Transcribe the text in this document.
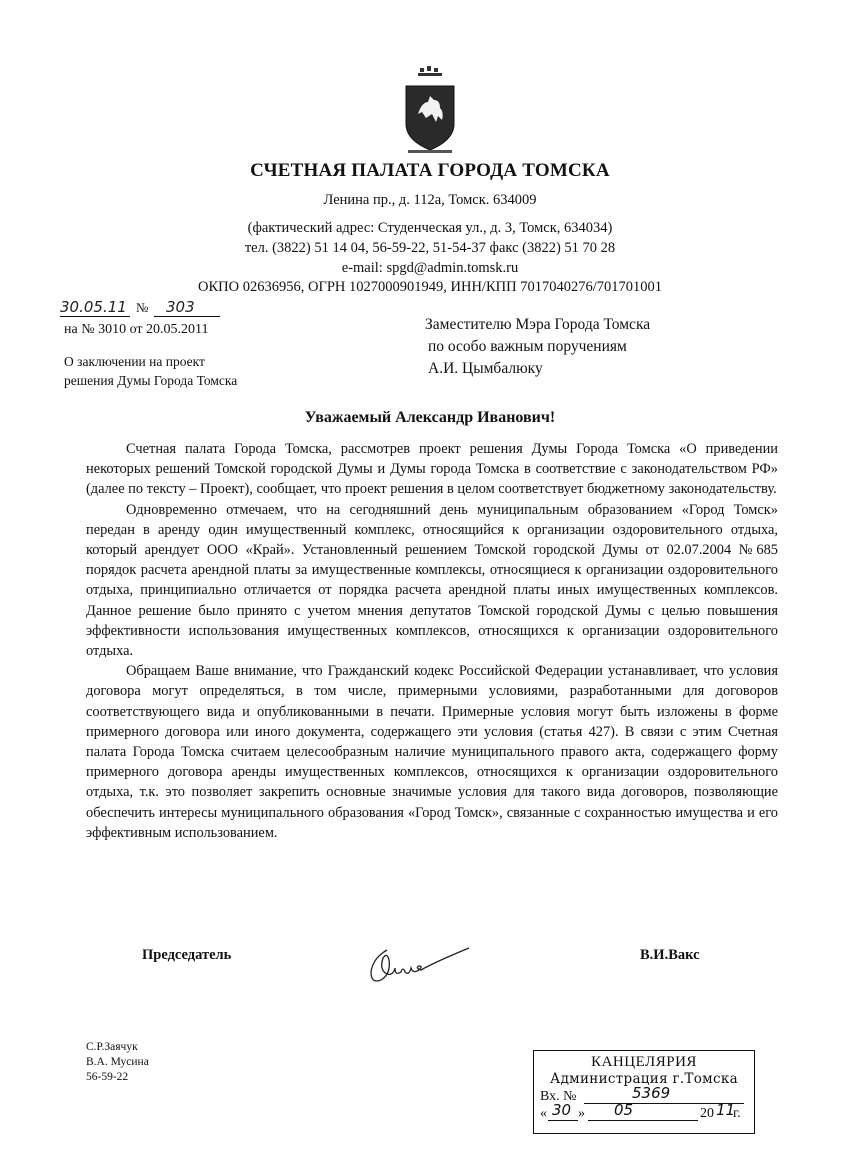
СЧЕТНАЯ ПАЛАТА ГОРОДА ТОМСКА
Ленина пр., д. 112а, Томск. 634009
(фактический адрес: Студенческая ул., д. 3, Томск, 634034)
тел. (3822) 51 14 04, 56-59-22, 51-54-37 факс (3822) 51 70 28
e-mail: spgd@admin.tomsk.ru
ОКПО 02636956, ОГРН 1027000901949, ИНН/КПП 7017040276/701701001
30.05.11 №	303
на № 3010 от 20.05.2011
О заключении на проект
решения Думы Города Томска
Заместителю Мэра Города Томска
по особо важным поручениям
А.И. Цымбалюку
Уважаемый Александр Иванович!

Счетная палата Города Томска, рассмотрев проект решения Думы Города Томска «О приведении некоторых решений Томской городской Думы и Думы города Томска в соответствие с законодательством РФ» (далее по тексту – Проект), сообщает, что проект решения в целом соответствует бюджетному законодательству.

Одновременно отмечаем, что на сегодняшний день муниципальным образованием «Город Томск» передан в аренду один имущественный комплекс, относящийся к организации оздоровительного отдыха, который арендует ООО «Край». Установленный решением Томской городской Думы от 02.07.2004 №685 порядок расчета арендной платы за имущественные комплексы, относящиеся к организации оздоровительного отдыха, принципиально отличается от порядка расчета арендной платы иных имущественных комплексов. Данное решение было принято с учетом мнения депутатов Томской городской Думы с целью повышения эффективности использования имущественных комплексов, относящихся к организации оздоровительного отдыха.

Обращаем Ваше внимание, что Гражданский кодекс Российской Федерации устанавливает, что условия договора могут определяться, в том числе, примерными условиями, разработанными для договоров соответствующего вида и опубликованными в печати. Примерные условия могут быть изложены в форме примерного договора или иного документа, содержащего эти условия (статья 427). В связи с этим Счетная палата Города Томска считаем целесообразным наличие муниципального правого акта, содержащего форму примерного договора аренды имущественных комплексов, относящихся к организации оздоровительного отдыха, т.к. это позволяет закрепить основные значимые условия для такого вида договоров, позволяющие обеспечить интересы муниципального образования «Город Томск», связанные с сохранностью имущества и его эффективным использованием.

Председатель	В.И.Вакс
С.Р.Заячук
В.А. Мусина
56-59-22
КАНЦЕЛЯРИЯ
Администрация г.Томска
Вх. №	5369
« 30 » 05	20 11
г.
